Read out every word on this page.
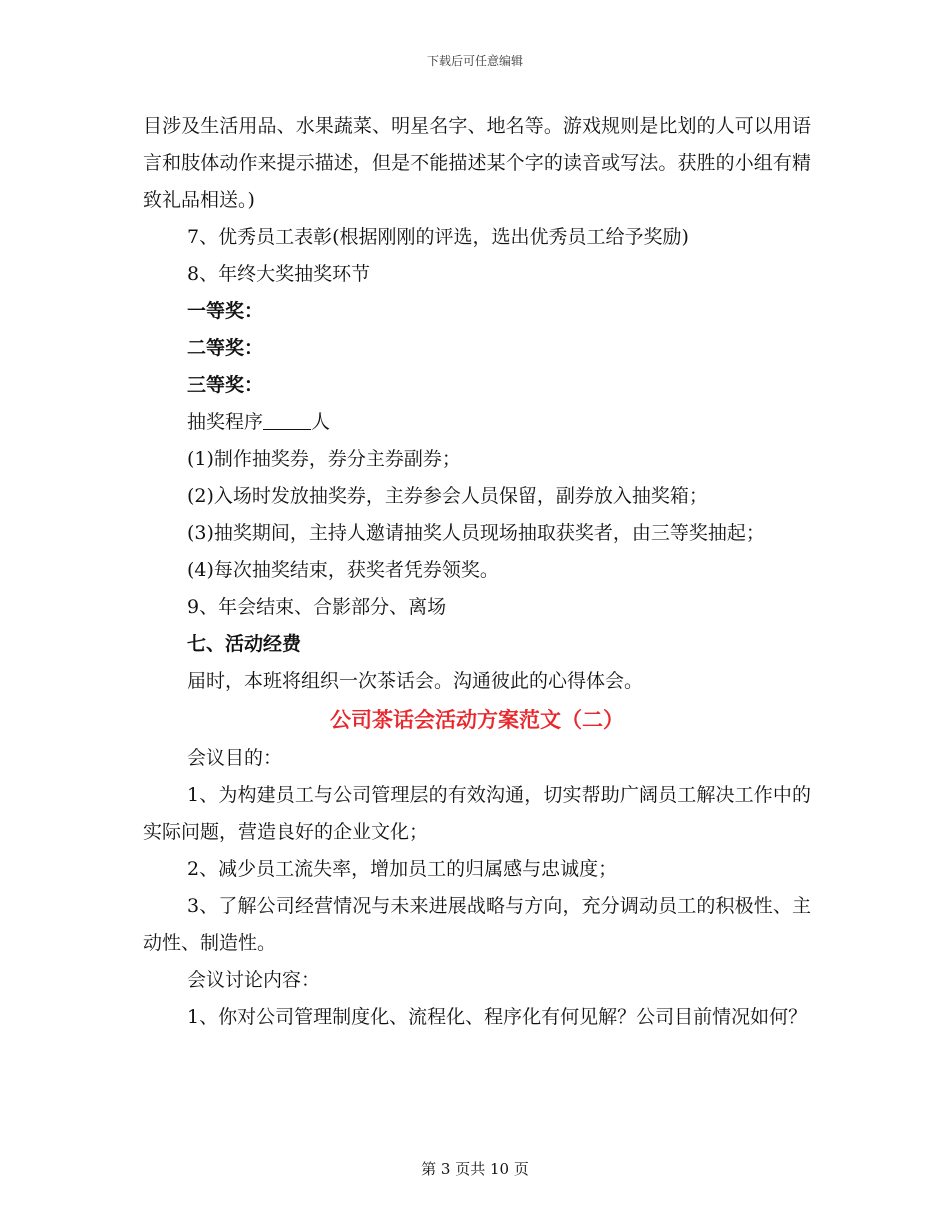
下载后可任意编辑

目涉及生活用品、水果蔬菜、明星名字、地名等。游戏规则是比划的人可以用语言和肢体动作来提示描述，但是不能描述某个字的读音或写法。获胜的小组有精致礼品相送。)

7、优秀员工表彰(根据刚刚的评选，选出优秀员工给予奖励)

8、年终大奖抽奖环节

一等奖：

二等奖：

三等奖：

抽奖程序	人

(1)制作抽奖券，券分主券副券；

(2)入场时发放抽奖券，主券参会人员保留，副券放入抽奖箱；

(3)抽奖期间，主持人邀请抽奖人员现场抽取获奖者，由三等奖抽起；

(4)每次抽奖结束，获奖者凭券领奖。

9、年会结束、合影部分、离场

七、活动经费

届时，本班将组织一次茶话会。沟通彼此的心得体会。

公司茶话会活动方案范文（二）

会议目的：

1、为构建员工与公司管理层的有效沟通，切实帮助广阔员工解决工作中的实际问题，营造良好的企业文化；

2、减少员工流失率，增加员工的归属感与忠诚度；

3、了解公司经营情况与未来进展战略与方向，充分调动员工的积极性、主动性、制造性。

会议讨论内容：

1、你对公司管理制度化、流程化、程序化有何见解？公司目前情况如何？

第 3 页共 10 页
